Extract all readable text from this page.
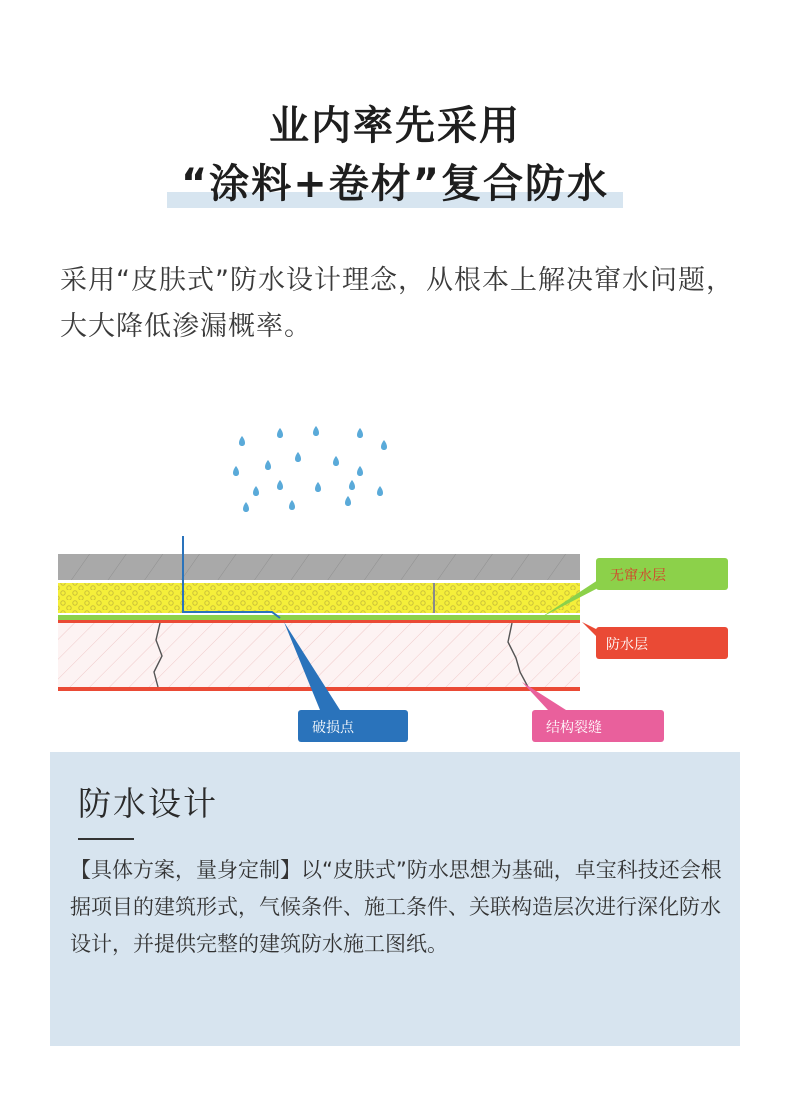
业内率先采用
“涂料+卷材”复合防水
采用“皮肤式”防水设计理念，从根本上解决窜水问题，大大降低渗漏概率。
无窜水层
防水层
破损点	结构裂缝
防水设计
【具体方案，量身定制】以“皮肤式”防水思想为基础，卓宝科技还会根据项目的建筑形式，气候条件、施工条件、关联构造层次进行深化防水设计，并提供完整的建筑防水施工图纸。
